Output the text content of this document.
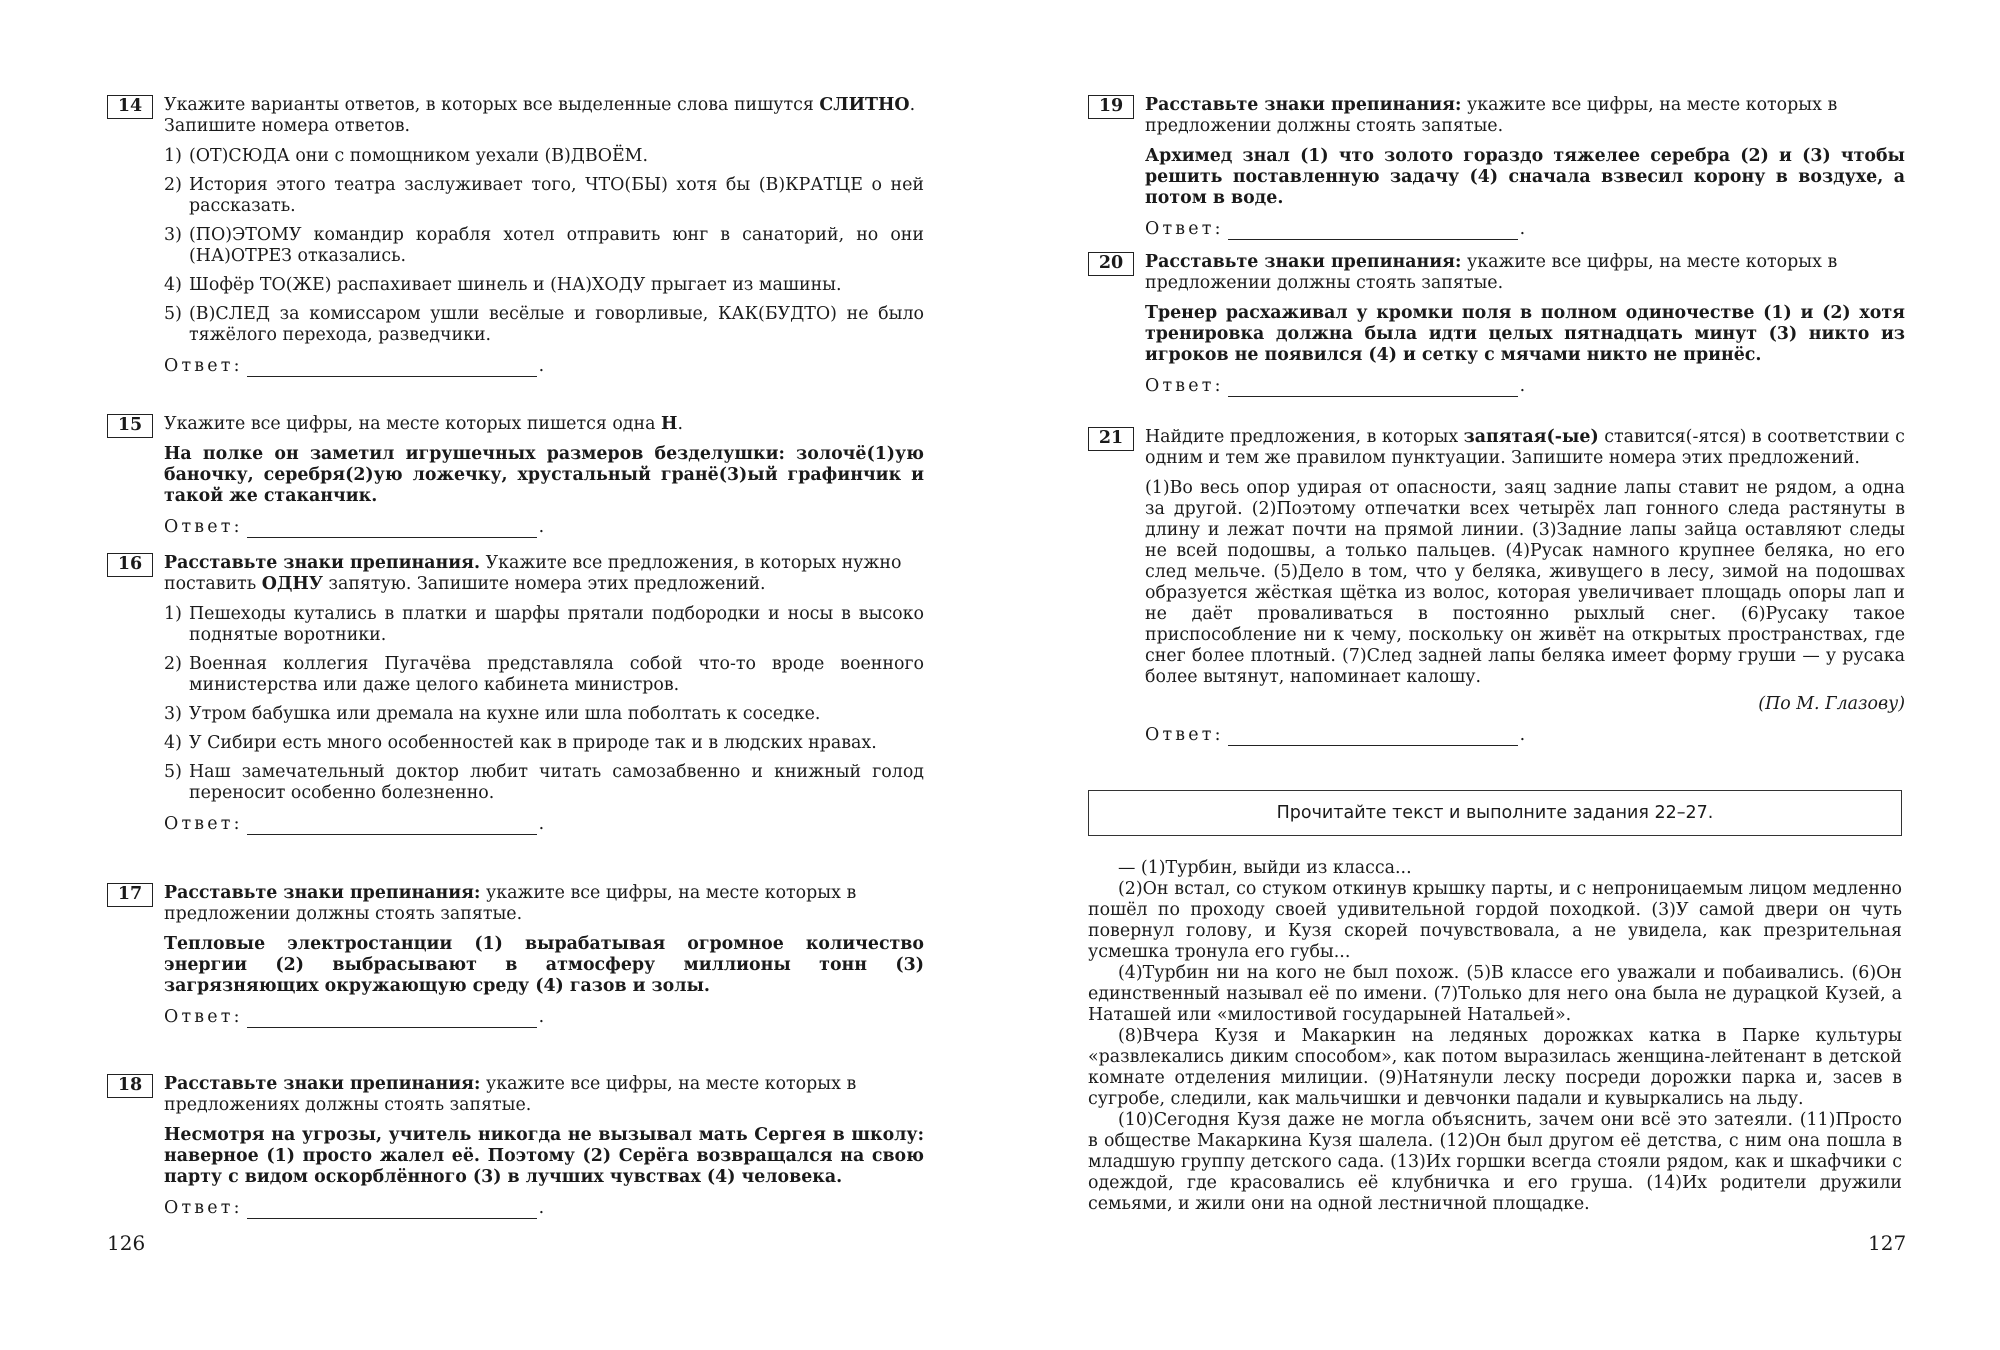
14	Укажите варианты ответов, в которых все выделенные слова пишутся СЛИТНО. Запишите номера ответов.

1) (ОТ)СЮДА они с помощником уехали (В)ДВОЁМ.
2) История этого театра заслуживает того, ЧТО(БЫ) хотя бы (В)КРАТЦЕ о ней рассказать.
3) (ПО)ЭТОМУ командир корабля хотел отправить юнг в санаторий, но они (НА)ОТРЕЗ отказались.
4) Шофёр ТО(ЖЕ) распахивает шинель и (НА)ХОДУ прыгает из машины.
5) (В)СЛЕД за комиссаром ушли весёлые и говорливые, КАК(БУДТО) не было тяжёлого перехода, разведчики.
Ответ:	.
15	Укажите все цифры, на месте которых пишется одна Н.

На полке он заметил игрушечных размеров безделушки: золочё(1)ую баночку, серебря(2)ую ложечку, хрустальный гранё(3)ый графинчик и такой же стаканчик.

Ответ:	.
16	Расставьте знаки препинания. Укажите все предложения, в которых нужно поставить ОДНУ запятую. Запишите номера этих предложений.

1) Пешеходы кутались в платки и шарфы прятали подбородки и носы в высоко поднятые воротники.
2) Военная коллегия Пугачёва представляла собой что-то вроде военного министерства или даже целого кабинета министров.
3) Утром бабушка или дремала на кухне или шла поболтать к соседке.
4) У Сибири есть много особенностей как в природе так и в людских нравах.
5) Наш замечательный доктор любит читать самозабвенно и книжный голод переносит особенно болезненно.
Ответ:	.
17	Расставьте знаки препинания: укажите все цифры, на месте которых в предложении должны стоять запятые.

Тепловые электростанции (1) вырабатывая огромное количество энергии (2) выбрасывают в атмосферу миллионы тонн (3) загрязняющих окружающую среду (4) газов и золы.

Ответ:	.
18	Расставьте знаки препинания: укажите все цифры, на месте которых в предложениях должны стоять запятые.

Несмотря на угрозы, учитель никогда не вызывал мать Сергея в школу: наверное (1) просто жалел её. Поэтому (2) Серёга возвращался на свою парту с видом оскорблённого (3) в лучших чувствах (4) человека.

Ответ:	.
126
19	Расставьте знаки препинания: укажите все цифры, на месте которых в предложении должны стоять запятые.

Архимед знал (1) что золото гораздо тяжелее серебра (2) и (3) чтобы решить поставленную задачу (4) сначала взвесил корону в воздухе, а потом в воде.

Ответ:	.
20	Расставьте знаки препинания: укажите все цифры, на месте которых в предложении должны стоять запятые.

Тренер расхаживал у кромки поля в полном одиночестве (1) и (2) хотя тренировка должна была идти целых пятнадцать минут (3) никто из игроков не появился (4) и сетку с мячами никто не принёс.

Ответ:	.
21	Найдите предложения, в которых запятая(-ые) ставится(-ятся) в соответствии с одним и тем же правилом пунктуации. Запишите номера этих предложений.

(1)Во весь опор удирая от опасности, заяц задние лапы ставит не рядом, а одна за другой. (2)Поэтому отпечатки всех четырёх лап гонного следа растянуты в длину и лежат почти на прямой линии. (3)Задние лапы зайца оставляют следы не всей подошвы, а только пальцев. (4)Русак намного крупнее беляка, но его след мельче. (5)Дело в том, что у беляка, живущего в лесу, зимой на подошвах образуется жёсткая щётка из волос, которая увеличивает площадь опоры лап и не даёт проваливаться в постоянно рыхлый снег. (6)Русаку такое приспособление ни к чему, поскольку он живёт на открытых пространствах, где снег более плотный. (7)След задней лапы беляка имеет форму груши — у русака более вытянут, напоминает калошу.

(По М. Глазову)

Ответ:	.
Прочитайте текст и выполните задания 22–27.

— (1)Турбин, выйди из класса...

(2)Он встал, со стуком откинув крышку парты, и с непроницаемым лицом медленно пошёл по проходу своей удивительной гордой походкой. (3)У самой двери он чуть повернул голову, и Кузя скорей почувствовала, а не увидела, как презрительная усмешка тронула его губы...

(4)Турбин ни на кого не был похож. (5)В классе его уважали и побаивались. (6)Он единственный называл её по имени. (7)Только для него она была не дурацкой Кузей, а Наташей или «милостивой государыней Натальей».

(8)Вчера Кузя и Макаркин на ледяных дорожках катка в Парке культуры «развлекались диким способом», как потом выразилась женщина-лейтенант в детской комнате отделения милиции. (9)Натянули леску посреди дорожки парка и, засев в сугробе, следили, как мальчишки и девчонки падали и кувыркались на льду.

(10)Сегодня Кузя даже не могла объяснить, зачем они всё это затеяли. (11)Просто в обществе Макаркина Кузя шалела. (12)Он был другом её детства, с ним она пошла в младшую группу детского сада. (13)Их горшки всегда стояли рядом, как и шкафчики с одеждой, где красовались её клубничка и его груша. (14)Их родители дружили семьями, и жили они на одной лестничной площадке.

127
